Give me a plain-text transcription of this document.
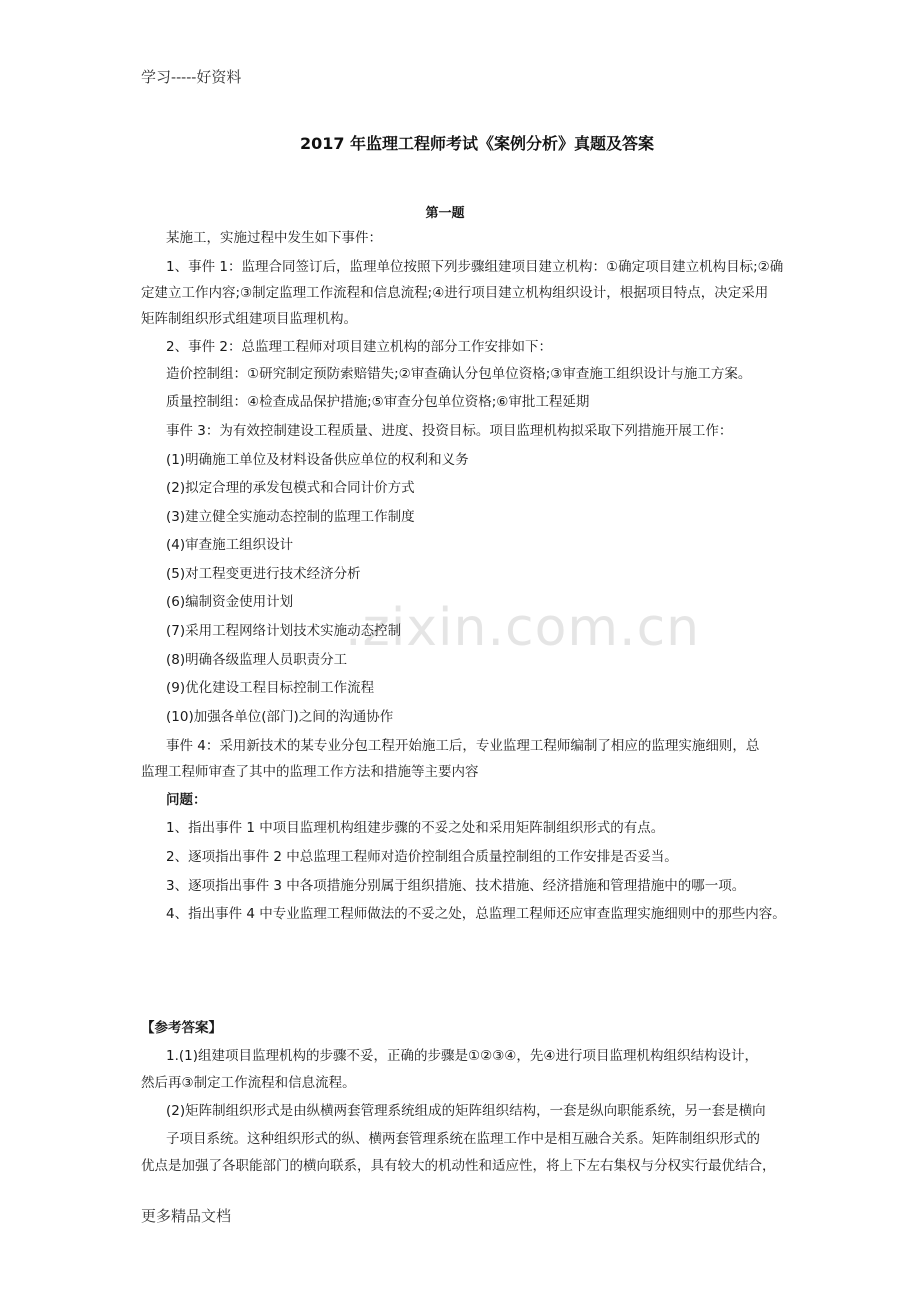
学习-----好资料
.zixin.com.cn
2017 年监理工程师考试《案例分析》真题及答案
第一题
某施工，实施过程中发生如下事件：
1、事件 1：监理合同签订后，监理单位按照下列步骤组建项目建立机构：①确定项目建立机构目标;②确
定建立工作内容;③制定监理工作流程和信息流程;④进行项目建立机构组织设计，根据项目特点，决定采用
矩阵制组织形式组建项目监理机构。
2、事件 2：总监理工程师对项目建立机构的部分工作安排如下：
造价控制组：①研究制定预防索赔错失;②审查确认分包单位资格;③审查施工组织设计与施工方案。
质量控制组：④检查成品保护措施;⑤审查分包单位资格;⑥审批工程延期
事件 3：为有效控制建设工程质量、进度、投资目标。项目监理机构拟采取下列措施开展工作：
(1)明确施工单位及材料设备供应单位的权利和义务
(2)拟定合理的承发包模式和合同计价方式
(3)建立健全实施动态控制的监理工作制度
(4)审查施工组织设计
(5)对工程变更进行技术经济分析
(6)编制资金使用计划
(7)采用工程网络计划技术实施动态控制
(8)明确各级监理人员职责分工
(9)优化建设工程目标控制工作流程
(10)加强各单位(部门)之间的沟通协作
事件 4：采用新技术的某专业分包工程开始施工后，专业监理工程师编制了相应的监理实施细则，总
监理工程师审查了其中的监理工作方法和措施等主要内容
问题：
1、指出事件 1 中项目监理机构组建步骤的不妥之处和采用矩阵制组织形式的有点。
2、逐项指出事件 2 中总监理工程师对造价控制组合质量控制组的工作安排是否妥当。
3、逐项指出事件 3 中各项措施分别属于组织措施、技术措施、经济措施和管理措施中的哪一项。
4、指出事件 4 中专业监理工程师做法的不妥之处，总监理工程师还应审查监理实施细则中的那些内容。
【参考答案】
1.(1)组建项目监理机构的步骤不妥，正确的步骤是①②③④，先④进行项目监理机构组织结构设计，
然后再③制定工作流程和信息流程。
(2)矩阵制组织形式是由纵横两套管理系统组成的矩阵组织结构，一套是纵向职能系统，另一套是横向
子项目系统。这种组织形式的纵、横两套管理系统在监理工作中是相互融合关系。矩阵制组织形式的
优点是加强了各职能部门的横向联系，具有较大的机动性和适应性，将上下左右集权与分权实行最优结合，
更多精品文档
